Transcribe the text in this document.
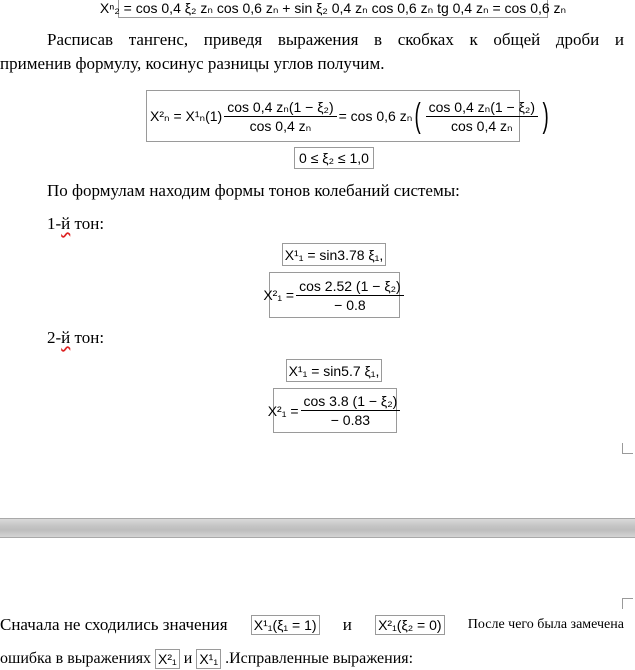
Xⁿ₂ = cos 0,4 ξ₂ zₙ cos 0,6 zₙ + sin ξ₂ 0,4 zₙ cos 0,6 zₙ tg 0,4 zₙ = cos 0,6 zₙ
Расписав тангенс, приведя выражения в скобках к общей дроби и
применив формулу, косинус разницы углов получим.
$X^2_n = X^1_n(1) \frac{\text{cos 0,4 zₙ(1 − ξ₂)}}{\text{cos 0,4 zₙ}} = \cos 0,6$ zₙ ( $\frac{\text{cos 0,4 zₙ(1 − ξ₂)}}{\text{cos 0,4 zₙ}}$ )
0 ≤ ξ₂ ≤ 1,0
По формулам находим формы тонов колебаний системы:
1-й тон:
X¹₁ = sin3.78 ξ₁,
$X^2_1 = \frac{\text{cos 2.52 (1 − ξ₂)}}{- 0.8}$
2-й тон:
X¹₁ = sin5.7 ξ₁,
$X^2_1 = \frac{\text{cos 3.8 (1 − ξ₂)}}{- 0.83}$
Сначала не сходились значения X¹₁(ξ₁ = 1) и X²₁(ξ₂ = 0) После чего была замечена
ошибка в выражениях X²₁ и X¹₁ .Исправленные выражения:
